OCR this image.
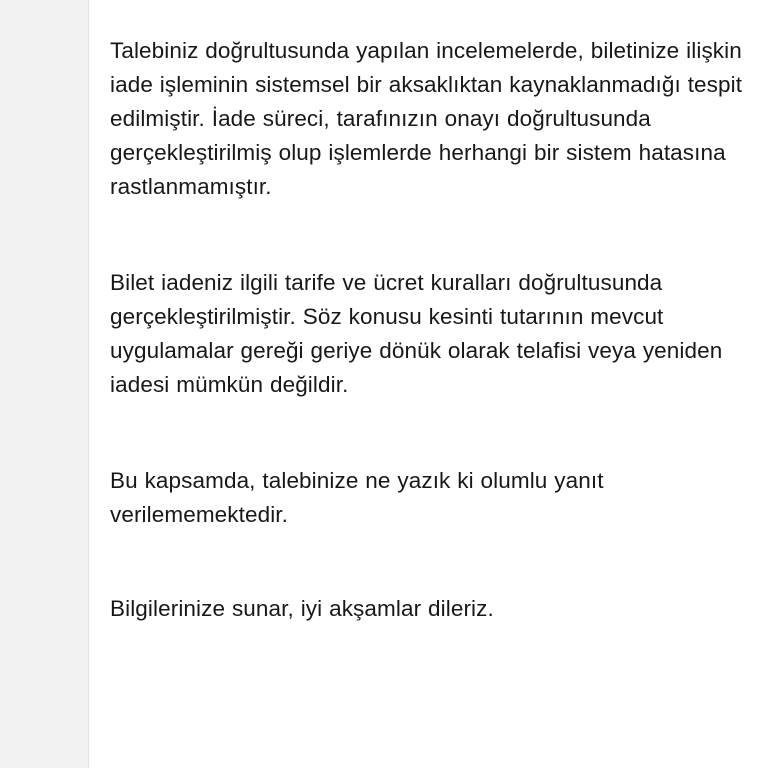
Talebiniz doğrultusunda yapılan incelemelerde, biletinize ilişkin iade işleminin sistemsel bir aksaklıktan kaynaklanmadığı tespit edilmiştir. İade süreci, tarafınızın onayı doğrultusunda gerçekleştirilmiş olup işlemlerde herhangi bir sistem hatasına rastlanmamıştır.

Bilet iadeniz ilgili tarife ve ücret kuralları doğrultusunda gerçekleştirilmiştir. Söz konusu kesinti tutarının mevcut uygulamalar gereği geriye dönük olarak telafisi veya yeniden iadesi mümkün değildir.

Bu kapsamda, talebinize ne yazık ki olumlu yanıt verilememektedir.

Bilgilerinize sunar, iyi akşamlar dileriz.
